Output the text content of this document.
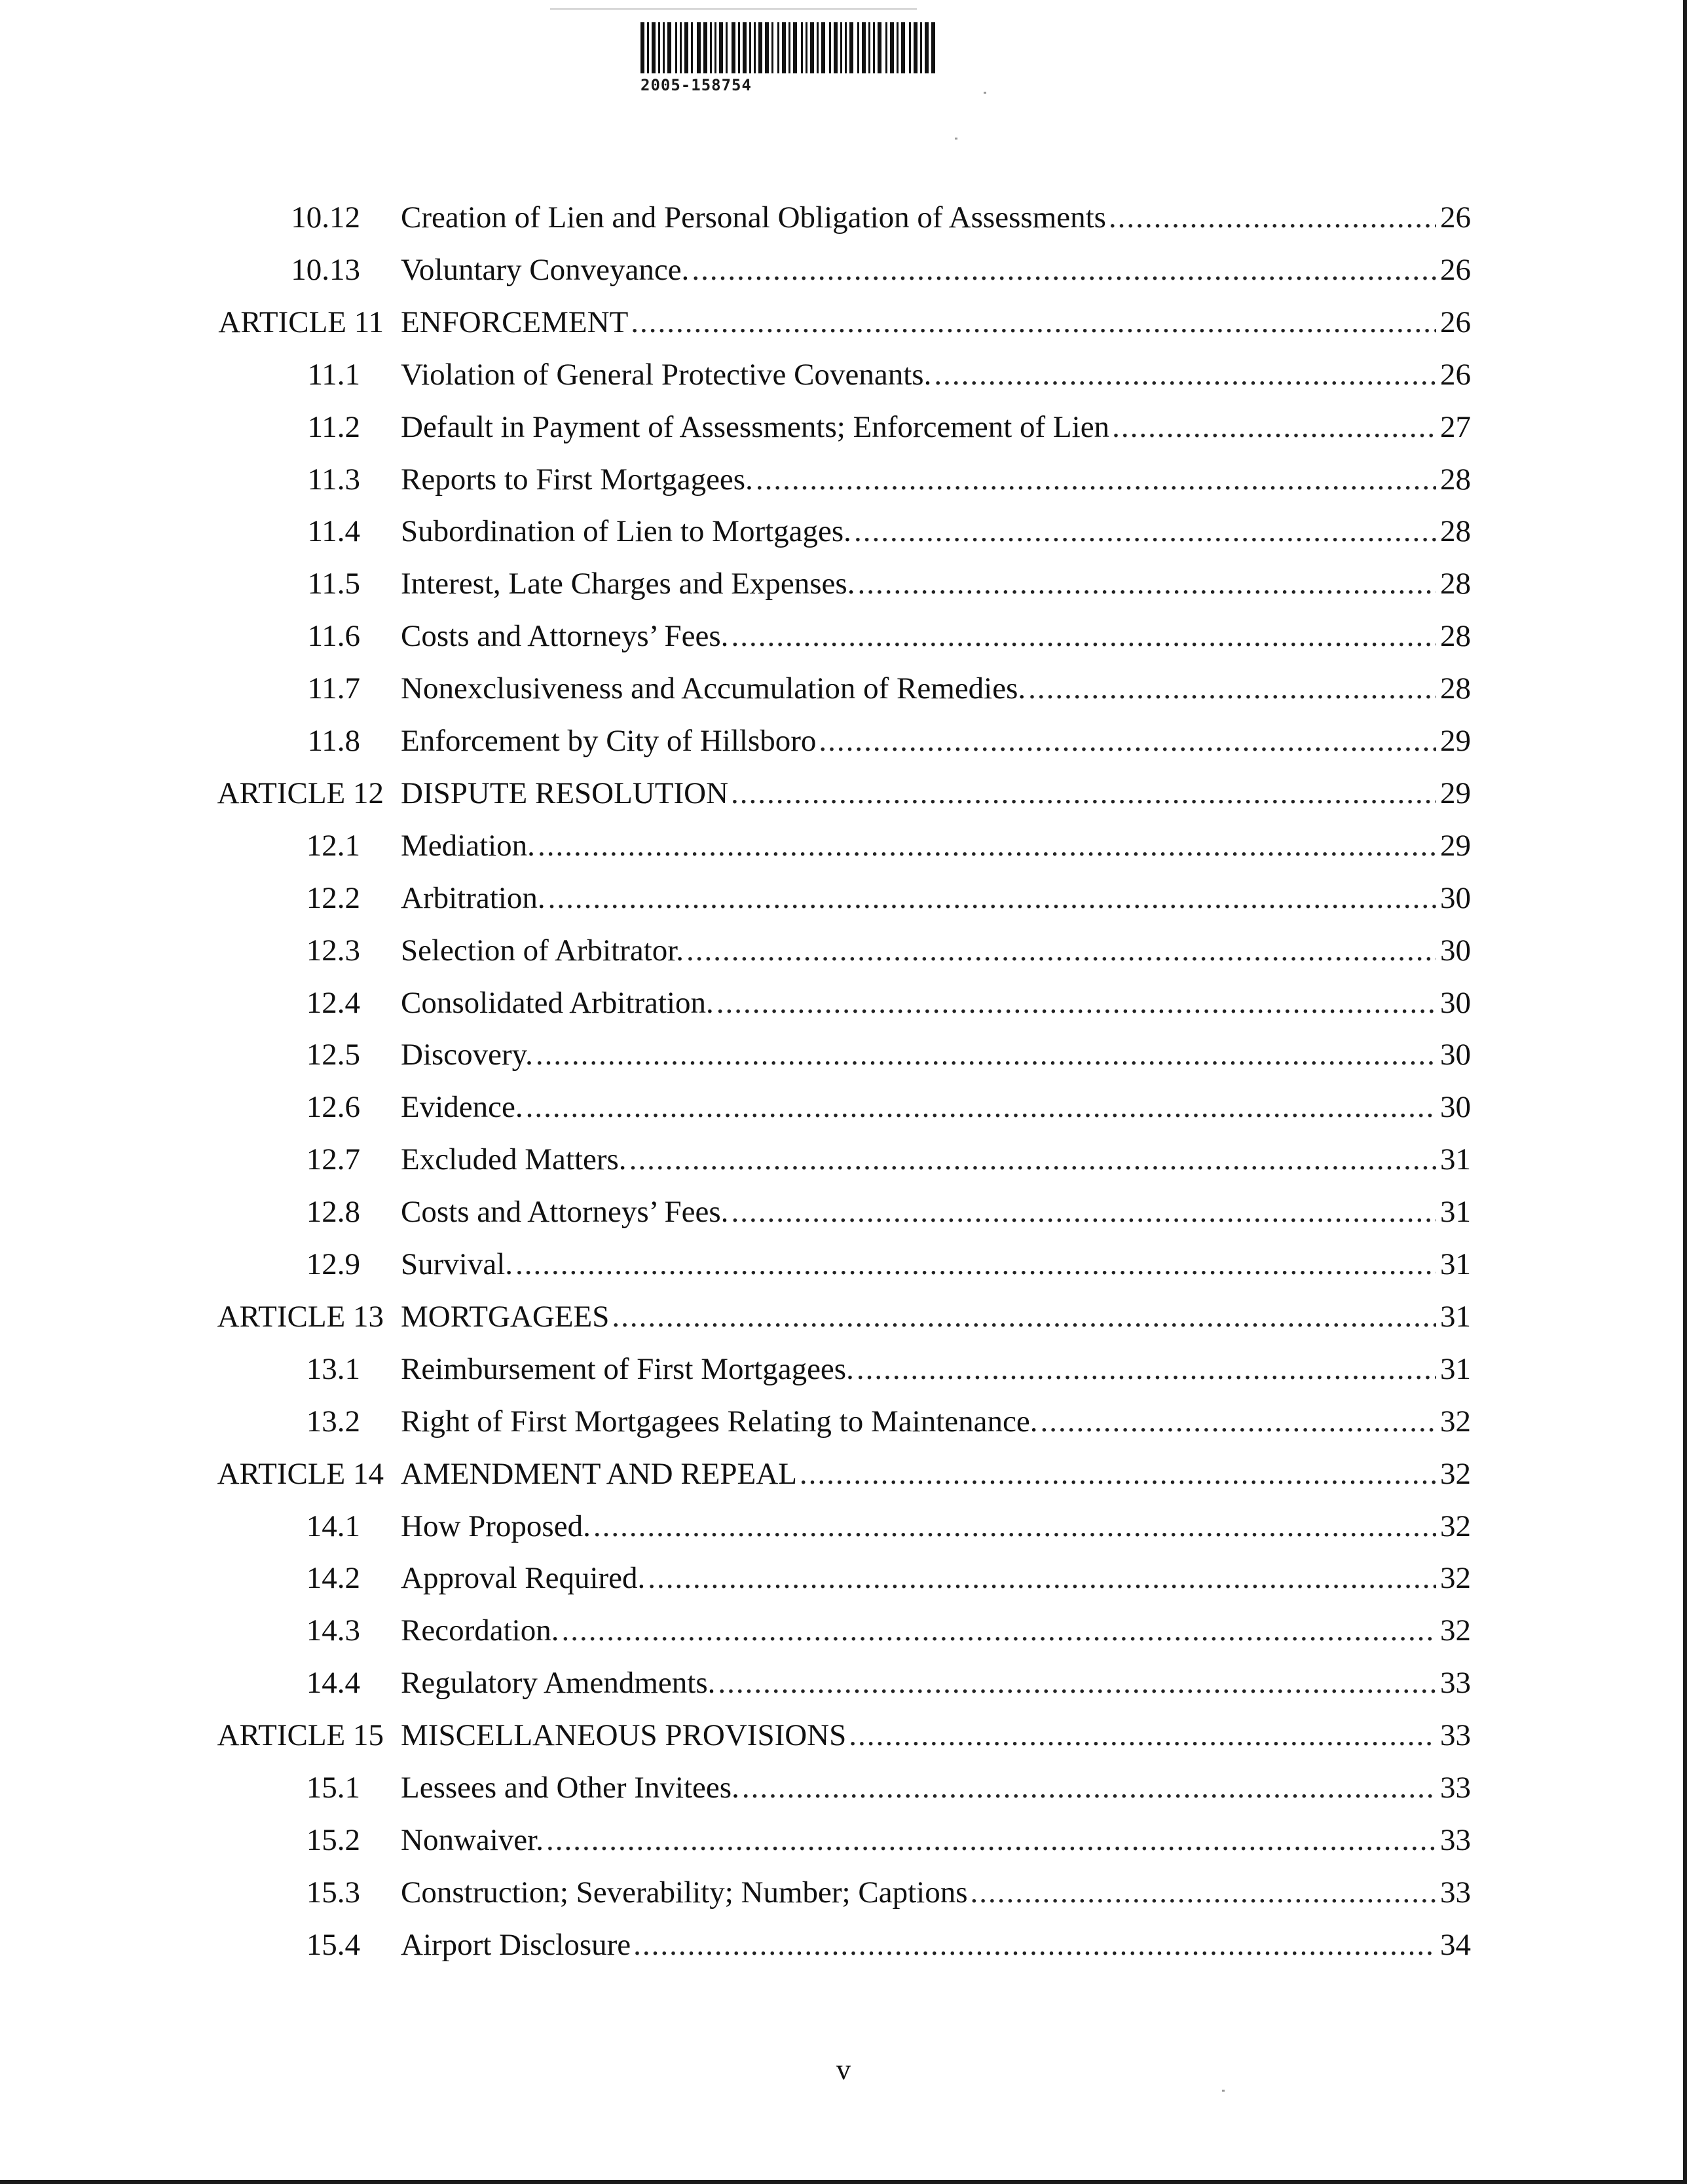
2005-158754
10.12 Creation of Lien and Personal Obligation of Assessments .....	26
10.13 Voluntary Conveyance. .....	26
ARTICLE 11 ENFORCEMENT .....	26
11.1 Violation of General Protective Covenants. .....	26
11.2 Default in Payment of Assessments; Enforcement of Lien .....	27
11.3 Reports to First Mortgagees. .....	28
11.4 Subordination of Lien to Mortgages. .....	28
11.5 Interest, Late Charges and Expenses. .....	28
11.6 Costs and Attorneys’ Fees. .....	28
11.7 Nonexclusiveness and Accumulation of Remedies. .....	28
11.8 Enforcement by City of Hillsboro .....	29
ARTICLE 12 DISPUTE RESOLUTION .....	29
12.1 Mediation. .....	29
12.2 Arbitration. .....	30
12.3 Selection of Arbitrator. .....	30
12.4 Consolidated Arbitration. .....	30
12.5 Discovery. .....	30
12.6 Evidence. .....	30
12.7 Excluded Matters. .....	31
12.8 Costs and Attorneys’ Fees. .....	31
12.9 Survival. .....	31
ARTICLE 13 MORTGAGEES .....	31
13.1 Reimbursement of First Mortgagees. .....	31
13.2 Right of First Mortgagees Relating to Maintenance. .....	32
ARTICLE 14 AMENDMENT AND REPEAL .....	32
14.1 How Proposed. .....	32
14.2 Approval Required. .....	32
14.3 Recordation. .....	32
14.4 Regulatory Amendments. .....	33
ARTICLE 15 MISCELLANEOUS PROVISIONS .....	33
15.1 Lessees and Other Invitees. .....	33
15.2 Nonwaiver. .....	33
15.3 Construction; Severability; Number; Captions .....	33
15.4 Airport Disclosure .....	34
v
